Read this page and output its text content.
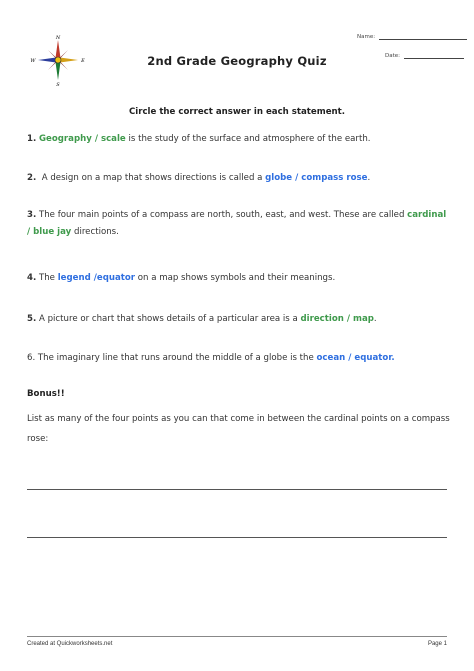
N
S
W	E
Name:
Date:
2nd Grade Geography Quiz
Circle the correct answer in each statement.
1. Geography / scale is the study of the surface and atmosphere of the earth.
2.  A design on a map that shows directions is called a globe / compass rose.
3. The four main points of a compass are north, south, east, and west. These are called cardinal / blue jay directions.
4. The legend /equator on a map shows symbols and their meanings.
5. A picture or chart that shows details of a particular area is a direction / map.
6. The imaginary line that runs around the middle of a globe is the ocean / equator.
Bonus!!
List as many of the four points as you can that come in between the cardinal points on a compass rose:
Created at Quickworksheets.net	Page 1
